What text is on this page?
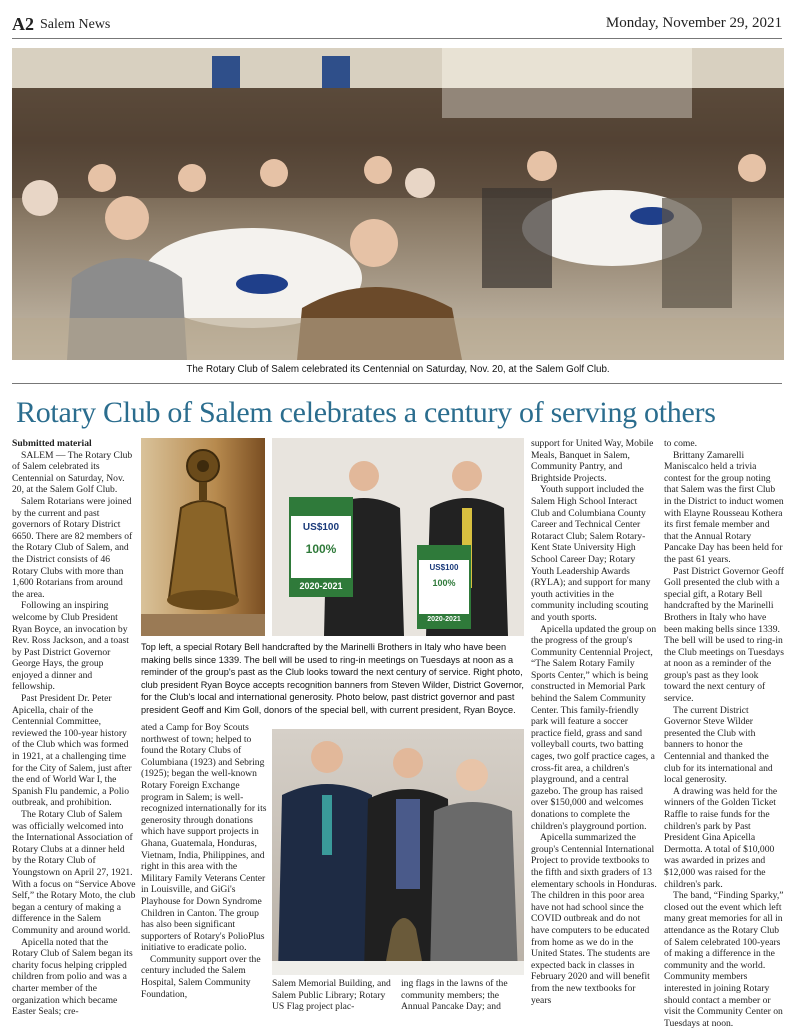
A2 Salem News	Monday, November 29, 2021
The Rotary Club of Salem celebrated its Centennial on Saturday, Nov. 20, at the Salem Golf Club.
Rotary Club of Salem celebrates a century of serving others
US$100
100%
2020-2021
US$100
100%
2020-2021
Top left, a special Rotary Bell handcrafted by the Marinelli Brothers in Italy who have been making bells since 1339. The bell will be used to ring-in meetings on Tuesdays at noon as a reminder of the group's past as the Club looks toward the next century of service. Right photo, club president Ryan Boyce accepts recognition banners from Steven Wilder, District Governor, for the Club's local and international generosity. Photo below, past district governor and past president Geoff and Kim Goll, donors of the special bell, with current president, Ryan Boyce.

Submitted material

SALEM — The Rotary Club of Salem celebrated its Centennial on Saturday, Nov. 20, at the Salem Golf Club.

Salem Rotarians were joined by the current and past governors of Rotary District 6650. There are 82 members of the Rotary Club of Salem, and the District consists of 46 Rotary Clubs with more than 1,600 Rotarians from around the area.

Following an inspiring welcome by Club President Ryan Boyce, an invocation by Rev. Ross Jackson, and a toast by Past District Governor George Hays, the group enjoyed a dinner and fellowship.

Past President Dr. Peter Apicella, chair of the Centennial Committee, reviewed the 100-year history of the Club which was formed in 1921, at a challenging time for the City of Salem, just after the end of World War I, the Spanish Flu pandemic, a Polio outbreak, and prohibition.

The Rotary Club of Salem was officially welcomed into the International Association of Rotary Clubs at a dinner held by the Rotary Club of Youngstown on April 27, 1921. With a focus on “Service Above Self,” the Rotary Moto, the club began a century of making a difference in the Salem Community and around world.

Apicella noted that the Rotary Club of Salem began its charity focus helping crippled children from polio and was a charter member of the organization which became Easter Seals; cre-

ated a Camp for Boy Scouts northwest of town; helped to found the Rotary Clubs of Columbiana (1923) and Sebring (1925); began the well-known Rotary Foreign Exchange program in Salem; is well-recognized internationally for its generosity through donations which have support projects in Ghana, Guatemala, Honduras, Vietnam, India, Philippines, and right in this area with the Military Family Veterans Center in Louisville, and GiGi's Playhouse for Down Syndrome Children in Canton. The group has also been significant supporters of Rotary's PolioPlus initiative to eradicate polio.

Community support over the century included the Salem Hospital, Salem Community Foundation,

Salem Memorial Building, and Salem Public Library; Rotary US Flag project plac-

ing flags in the lawns of the community members; the Annual Pancake Day; and

support for United Way, Mobile Meals, Banquet in Salem, Community Pantry, and Brightside Projects.

Youth support included the Salem High School Interact Club and Columbiana County Career and Technical Center Rotaract Club; Salem Rotary-Kent State University High School Career Day; Rotary Youth Leadership Awards (RYLA); and support for many youth activities in the community including scouting and youth sports.

Apicella updated the group on the progress of the group's Community Centennial Project, “The Salem Rotary Family Sports Center,” which is being constructed in Memorial Park behind the Salem Community Center. This family-friendly park will feature a soccer practice field, grass and sand volleyball courts, two batting cages, two golf practice cages, a cross-fit area, a children's playground, and a central gazebo. The group has raised over $150,000 and welcomes donations to complete the children's playground portion.

Apicella summarized the group's Centennial International Project to provide textbooks to the fifth and sixth graders of 13 elementary schools in Honduras. The children in this poor area have not had school since the COVID outbreak and do not have computers to be educated from home as we do in the United States. The students are expected back in classes in February 2020 and will benefit from the new textbooks for years

to come.

Brittany Zamarelli Maniscalco held a trivia contest for the group noting that Salem was the first Club in the District to induct women with Elayne Rousseau Kothera its first female member and that the Annual Rotary Pancake Day has been held for the past 61 years.

Past District Governor Geoff Goll presented the club with a special gift, a Rotary Bell handcrafted by the Marinelli Brothers in Italy who have been making bells since 1339. The bell will be used to ring-in the Club meetings on Tuesdays at noon as a reminder of the group's past as they look toward the next century of service.

The current District Governor Steve Wilder presented the Club with banners to honor the Centennial and thanked the club for its international and local generosity.

A drawing was held for the winners of the Golden Ticket Raffle to raise funds for the children's park by Past President Gina Apicella Dermotta. A total of $10,000 was awarded in prizes and $12,000 was raised for the children's park.

The band, “Finding Sparky,” closed out the event which left many great memories for all in attendance as the Rotary Club of Salem celebrated 100-years of making a difference in the community and the world. Community members interested in joining Rotary should contact a member or visit the Community Center on Tuesdays at noon.
